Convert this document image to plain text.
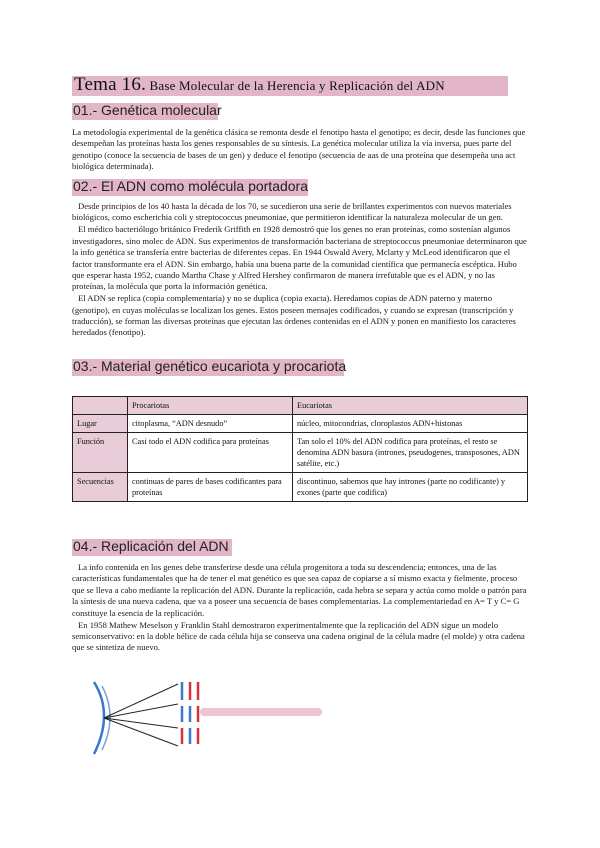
Tema 16. Base Molecular de la Herencia y Replicación del ADN
01.- Genética molecular

La metodología experimental de la genética clásica se remonta desde el fenotipo hasta el genotipo; es decir, desde las funciones que desempeñan las proteínas hasta los genes responsables de su síntesis. La genética molecular utiliza la vía inversa, pues parte del genotipo (conoce la secuencia de bases de un gen) y deduce el fenotipo (secuencia de aas de una proteína que desempeña una act biológica determinada).

02.- El ADN como molécula portadora

Desde principios de los 40 hasta la década de los 70, se sucedieron una serie de brillantes experimentos con nuevos materiales biológicos, como escherichia coli y streptococcus pneumoniae, que permitieron identificar la naturaleza molecular de un gen.

El médico bacteriólogo británico Frederik Griffith en 1928 demostró que los genes no eran proteínas, como sostenían algunos investigadores, sino molec de ADN. Sus experimentos de transformación bacteriana de streptococcus pneumoniae determinaron que la info genética se transfería entre bacterias de diferentes cepas. En 1944 Oswald Avery, Mclarty y McLeod identificaron que el factor transformante era el ADN. Sin embargo, había una buena parte de la comunidad científica que permanecía escéptica. Hubo que esperar hasta 1952, cuando Martha Chase y Alfred Hershey confirmaron de manera irrefutable que es el ADN, y no las proteínas, la molécula que porta la información genética.

El ADN se replica (copia complementaria) y no se duplica (copia exacta). Heredamos copias de ADN paterno y materno (genotipo), en cuyas moléculas se localizan los genes. Estos poseen mensajes codificados, y cuando se expresan (transcripción y traducción), se forman las diversas proteínas que ejecutan las órdenes contenidas en el ADN y ponen en manifiesto los caracteres heredados (fenotipo).

03.- Material genético eucariota y procariota
	Procariotas	Eucariotas
Lugar	citoplasma, “ADN desnudo”	núcleo, mitocondrias, cloroplastos ADN+histonas
Función	Casi todo el ADN codifica para proteínas	Tan solo el 10% del ADN codifica para proteínas, el resto se denomina ADN basura (intrones, pseudogenes, transposones, ADN satélite, etc.)
Secuencias	continuas de pares de bases codificantes para proteínas	discontinuo, sabemos que hay intrones (parte no codificante) y exones (parte que codifica)
04.- Replicación del ADN

La info contenida en los genes debe transferirse desde una célula progenitora a toda su descendencia; entonces, una de las características fundamentales que ha de tener el mat genético es que sea capaz de copiarse a sí mismo exacta y fielmente, proceso que se lleva a cabo mediante la replicación del ADN. Durante la replicación, cada hebra se separa y actúa como molde o patrón para la síntesis de una nueva cadena, que va a poseer una secuencia de bases complementarias. La complementariedad en A= T y C= G constituye la esencia de la replicación.

En 1958 Mathew Meselson y Franklin Stahl demostraron experimentalmente que la replicación del ADN sigue un modelo semiconservativo: en la doble hélice de cada célula hija se conserva una cadena original de la célula madre (el molde) y otra cadena que se sintetiza de nuevo.
